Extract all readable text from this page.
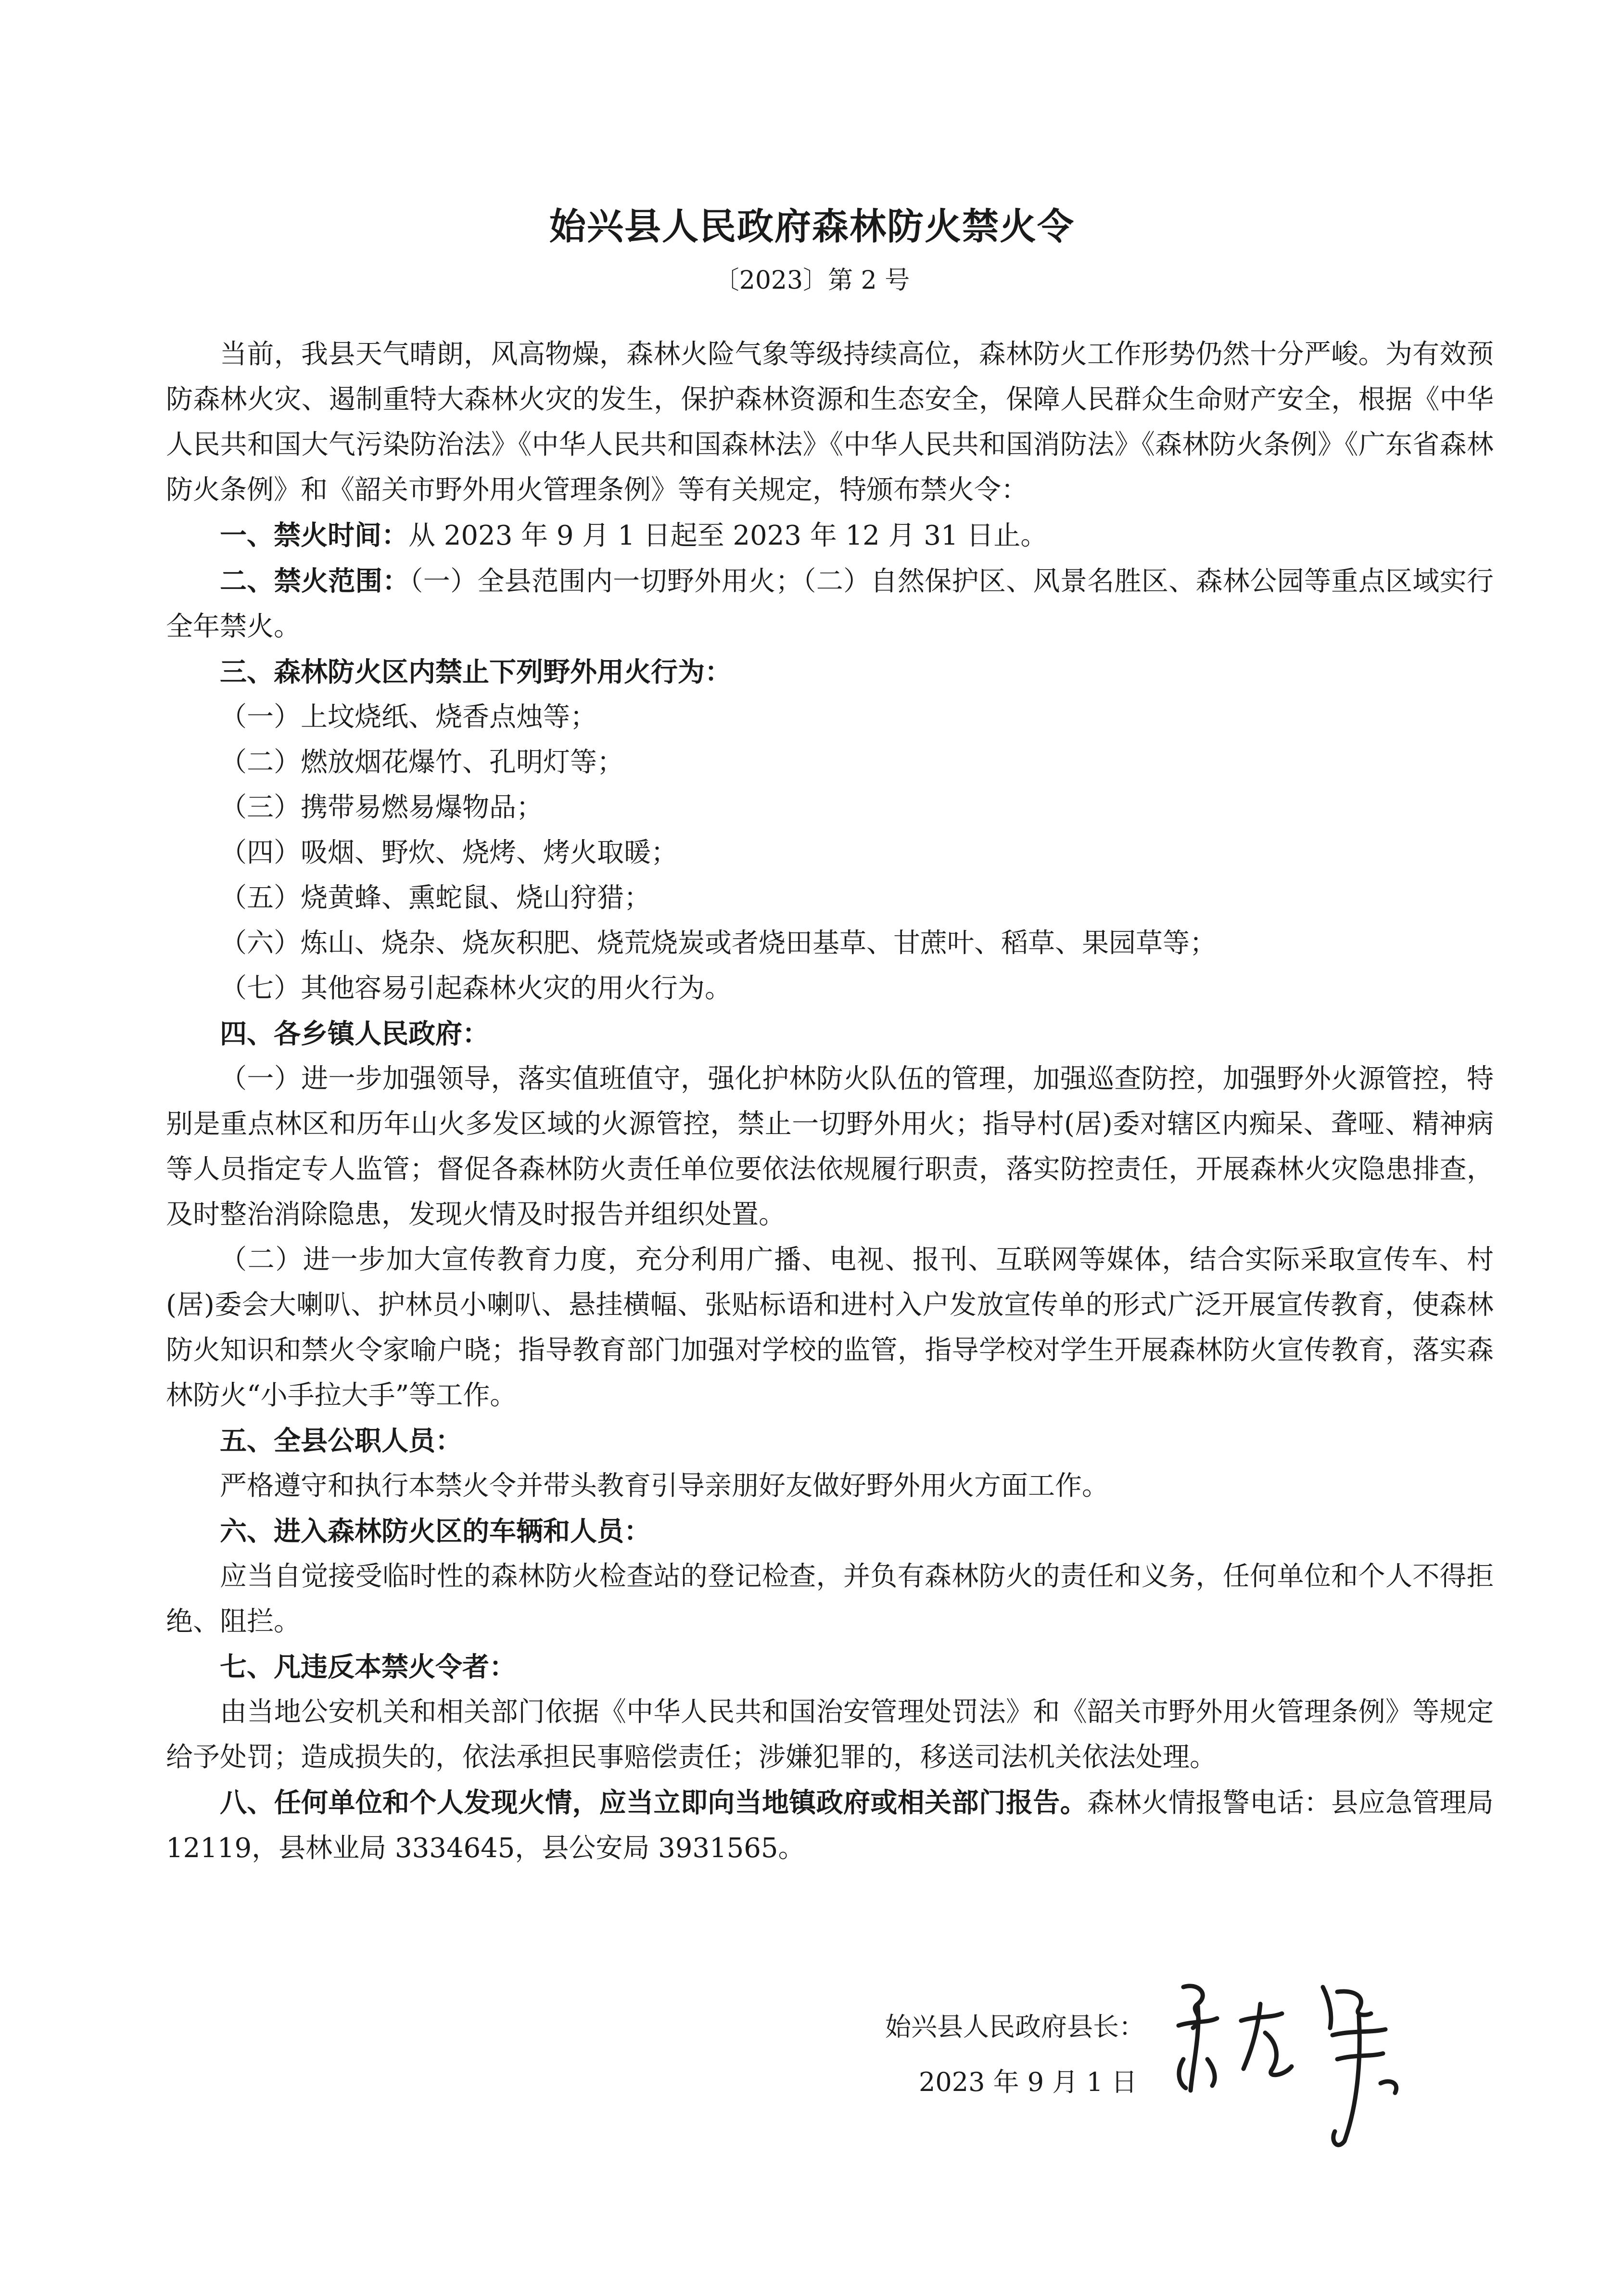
始兴县人民政府森林防火禁火令
〔2023〕第 2 号

当前，我县天气晴朗，风高物燥，森林火险气象等级持续高位，森林防火工作形势仍然十分严峻。为有效预防森林火灾、遏制重特大森林火灾的发生，保护森林资源和生态安全，保障人民群众生命财产安全，根据《中华人民共和国大气污染防治法》《中华人民共和国森林法》《中华人民共和国消防法》《森林防火条例》《广东省森林防火条例》和《韶关市野外用火管理条例》等有关规定，特颁布禁火令：

一、禁火时间：从 2023 年 9 月 1 日起至 2023 年 12 月 31 日止。

二、禁火范围：（一）全县范围内一切野外用火；（二）自然保护区、风景名胜区、森林公园等重点区域实行全年禁火。

三、森林防火区内禁止下列野外用火行为：

（一）上坟烧纸、烧香点烛等；

（二）燃放烟花爆竹、孔明灯等；

（三）携带易燃易爆物品；

（四）吸烟、野炊、烧烤、烤火取暖；

（五）烧黄蜂、熏蛇鼠、烧山狩猎；

（六）炼山、烧杂、烧灰积肥、烧荒烧炭或者烧田基草、甘蔗叶、稻草、果园草等；

（七）其他容易引起森林火灾的用火行为。

四、各乡镇人民政府：

（一）进一步加强领导，落实值班值守，强化护林防火队伍的管理，加强巡查防控，加强野外火源管控，特别是重点林区和历年山火多发区域的火源管控，禁止一切野外用火；指导村(居)委对辖区内痴呆、聋哑、精神病等人员指定专人监管；督促各森林防火责任单位要依法依规履行职责，落实防控责任，开展森林火灾隐患排查，及时整治消除隐患，发现火情及时报告并组织处置。

（二）进一步加大宣传教育力度，充分利用广播、电视、报刊、互联网等媒体，结合实际采取宣传车、村(居)委会大喇叭、护林员小喇叭、悬挂横幅、张贴标语和进村入户发放宣传单的形式广泛开展宣传教育，使森林防火知识和禁火令家喻户晓；指导教育部门加强对学校的监管，指导学校对学生开展森林防火宣传教育，落实森林防火“小手拉大手”等工作。

五、全县公职人员：

严格遵守和执行本禁火令并带头教育引导亲朋好友做好野外用火方面工作。

六、进入森林防火区的车辆和人员：

应当自觉接受临时性的森林防火检查站的登记检查，并负有森林防火的责任和义务，任何单位和个人不得拒绝、阻拦。

七、凡违反本禁火令者：

由当地公安机关和相关部门依据《中华人民共和国治安管理处罚法》和《韶关市野外用火管理条例》等规定给予处罚；造成损失的，依法承担民事赔偿责任；涉嫌犯罪的，移送司法机关依法处理。

八、任何单位和个人发现火情，应当立即向当地镇政府或相关部门报告。森林火情报警电话：县应急管理局 12119，县林业局 3334645，县公安局 3931565。

始兴县人民政府县长：
2023 年 9 月 1 日
